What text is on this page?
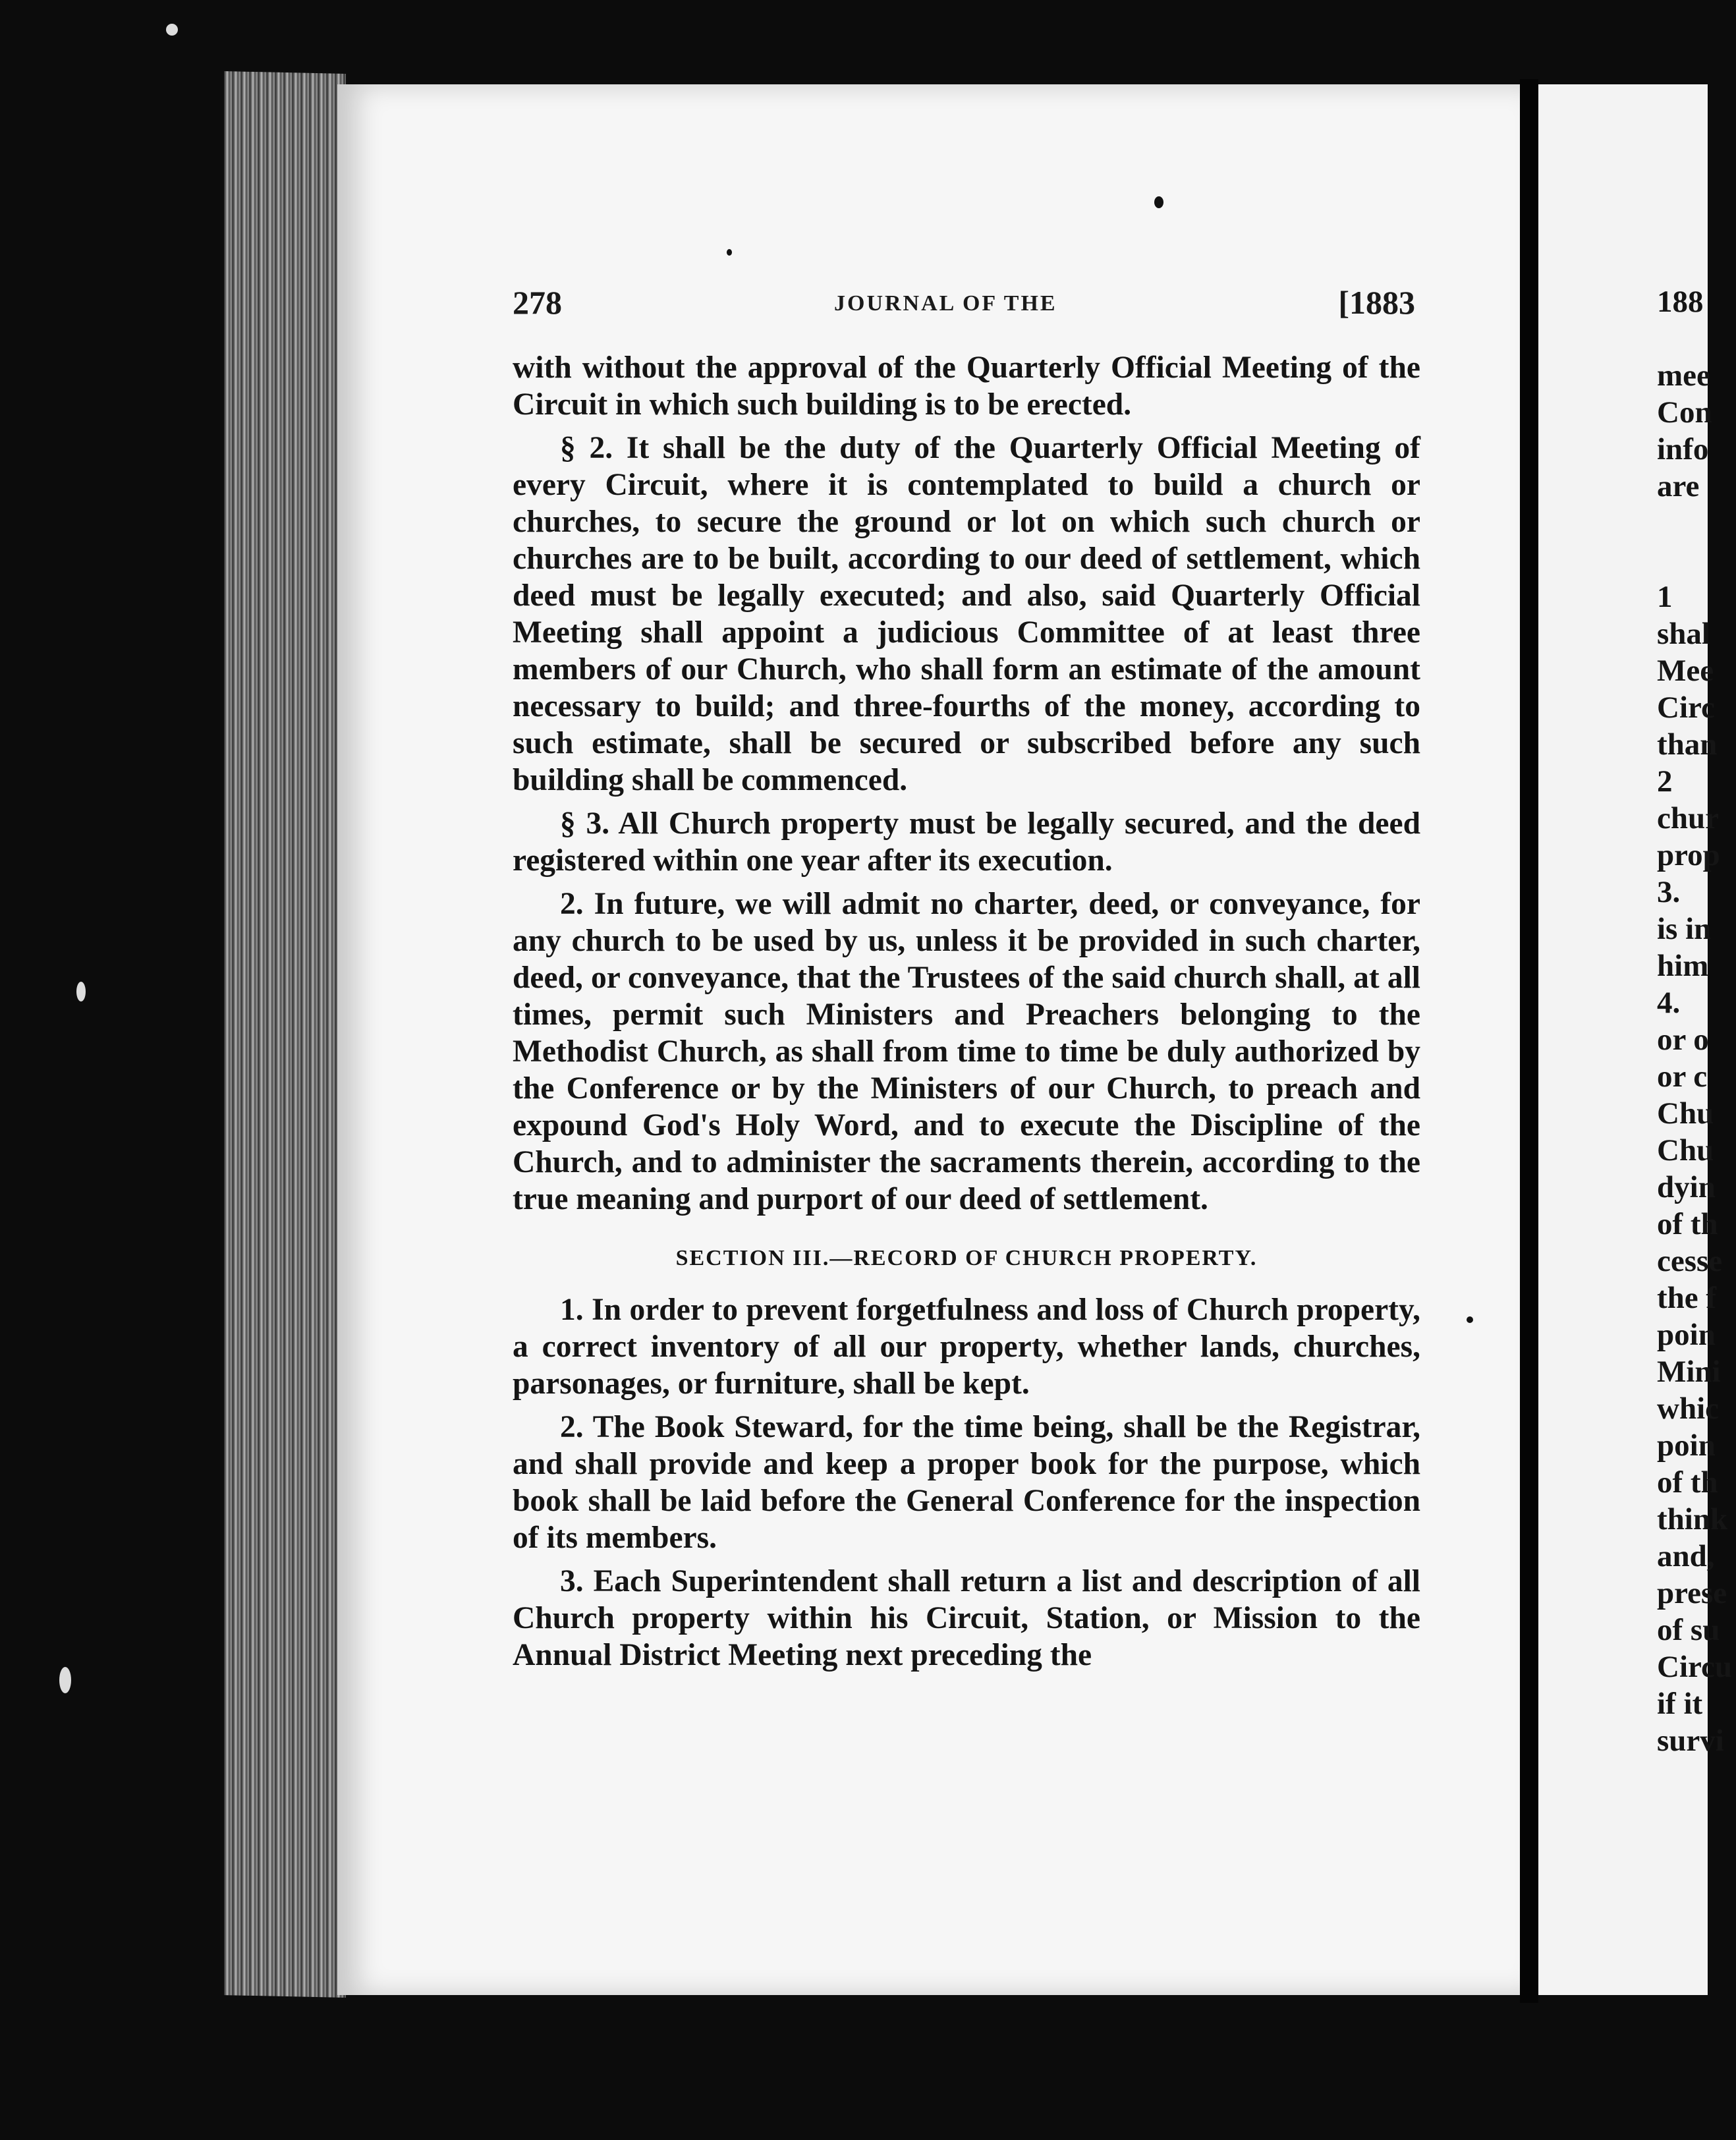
278	JOURNAL OF THE	[1883

with without the approval of the Quarterly Official Meeting of the Circuit in which such building is to be erected.

§ 2. It shall be the duty of the Quarterly Official Meeting of every Circuit, where it is contemplated to build a church or churches, to secure the ground or lot on which such church or churches are to be built, according to our deed of settlement, which deed must be legally executed; and also, said Quarterly Official Meeting shall appoint a judicious Committee of at least three members of our Church, who shall form an estimate of the amount necessary to build; and three-fourths of the money, according to such estimate, shall be secured or subscribed before any such building shall be commenced.

§ 3. All Church property must be legally secured, and the deed registered within one year after its execution.

2. In future, we will admit no charter, deed, or conveyance, for any church to be used by us, unless it be provided in such charter, deed, or conveyance, that the Trustees of the said church shall, at all times, permit such Ministers and Preachers belonging to the Methodist Church, as shall from time to time be duly authorized by the Conference or by the Ministers of our Church, to preach and expound God's Holy Word, and to execute the Discipline of the Church, and to administer the sacraments therein, according to the true meaning and purport of our deed of settlement.

SECTION III.—RECORD OF CHURCH PROPERTY.

1. In order to prevent forgetfulness and loss of Church property, a correct inventory of all our property, whether lands, churches, parsonages, or furniture, shall be kept.

2. The Book Steward, for the time being, shall be the Registrar, and shall provide and keep a proper book for the purpose, which book shall be laid before the General Conference for the inspection of its members.

3. Each Superintendent shall return a list and description of all Church property within his Circuit, Station, or Mission to the Annual District Meeting next preceding the

188
mee
Con
info
are
1
shal
Mee
Circ
than
2
chur
prop
3.
is in
him
4.
or o
or c
Chu
Chu
dyin
of th
cesse
the f
poin
Mini
whic
poin
of th
think
and,
prese
of su
Circu
if it
survi
